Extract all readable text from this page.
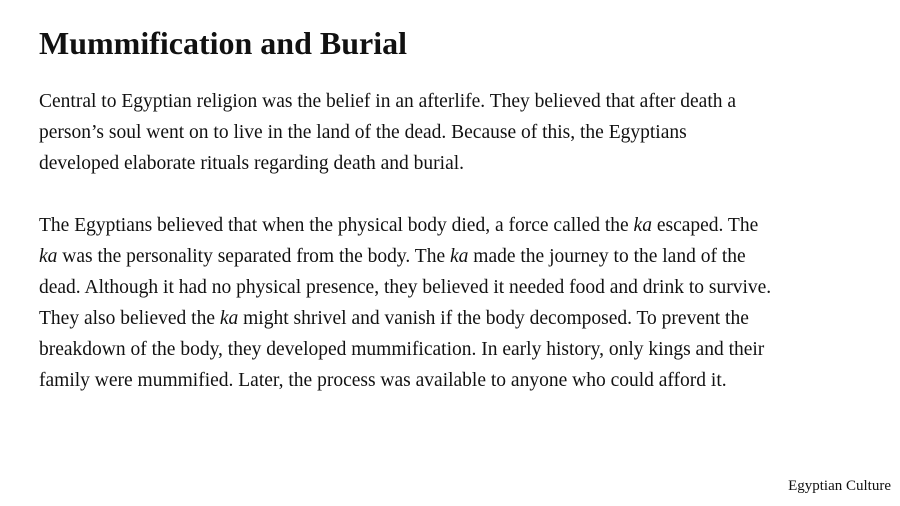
Mummification and Burial

Central to Egyptian religion was the belief in an afterlife. They believed that after death a
person’s soul went on to live in the land of the dead. Because of this, the Egyptians
developed elaborate rituals regarding death and burial.

The Egyptians believed that when the physical body died, a force called the ka escaped. The
ka was the personality separated from the body. The ka made the journey to the land of the
dead. Although it had no physical presence, they believed it needed food and drink to survive.
They also believed the ka might shrivel and vanish if the body decomposed. To prevent the
breakdown of the body, they developed mummification. In early history, only kings and their
family were mummified. Later, the process was available to anyone who could afford it.

Egyptian Culture
